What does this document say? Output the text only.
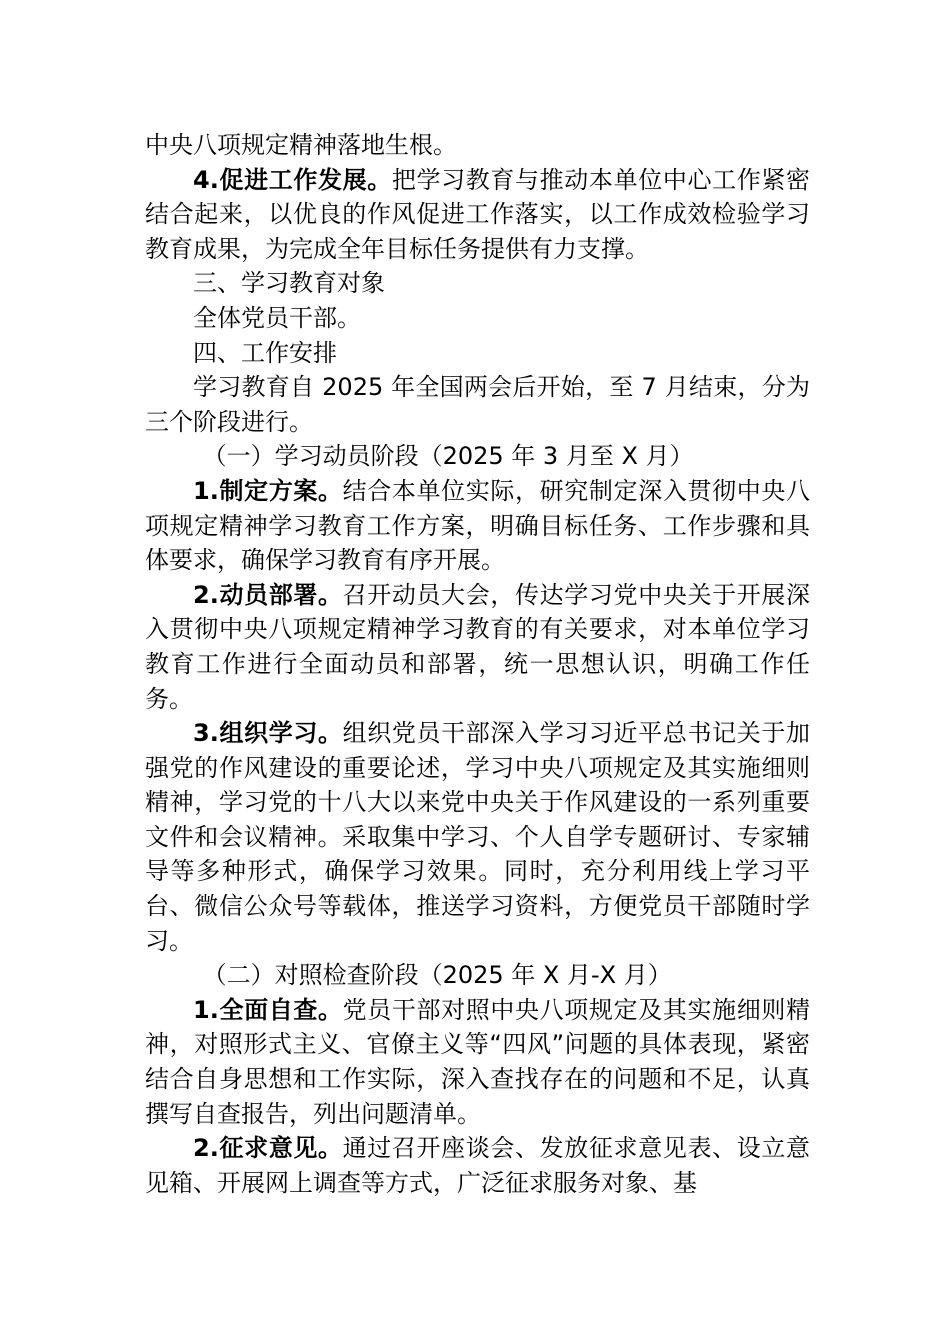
中央八项规定精神落地生根。

4.促进工作发展。把学习教育与推动本单位中心工作紧密结合起来，以优良的作风促进工作落实，以工作成效检验学习教育成果，为完成全年目标任务提供有力支撑。

三、学习教育对象

全体党员干部。

四、工作安排

学习教育自 2025 年全国两会后开始，至 7 月结束，分为三个阶段进行。

（一）学习动员阶段（2025 年 3 月至 X 月）

1.制定方案。结合本单位实际，研究制定深入贯彻中央八项规定精神学习教育工作方案，明确目标任务、工作步骤和具体要求，确保学习教育有序开展。

2.动员部署。召开动员大会，传达学习党中央关于开展深入贯彻中央八项规定精神学习教育的有关要求，对本单位学习教育工作进行全面动员和部署，统一思想认识，明确工作任务。

3.组织学习。组织党员干部深入学习习近平总书记关于加强党的作风建设的重要论述，学习中央八项规定及其实施细则精神，学习党的十八大以来党中央关于作风建设的一系列重要文件和会议精神。采取集中学习、个人自学专题研讨、专家辅导等多种形式，确保学习效果。同时，充分利用线上学习平台、微信公众号等载体，推送学习资料，方便党员干部随时学习。

（二）对照检查阶段（2025 年 X 月-X 月）

1.全面自查。党员干部对照中央八项规定及其实施细则精神，对照形式主义、官僚主义等“四风”问题的具体表现，紧密结合自身思想和工作实际，深入查找存在的问题和不足，认真撰写自查报告，列出问题清单。

2.征求意见。通过召开座谈会、发放征求意见表、设立意见箱、开展网上调查等方式，广泛征求服务对象、基
